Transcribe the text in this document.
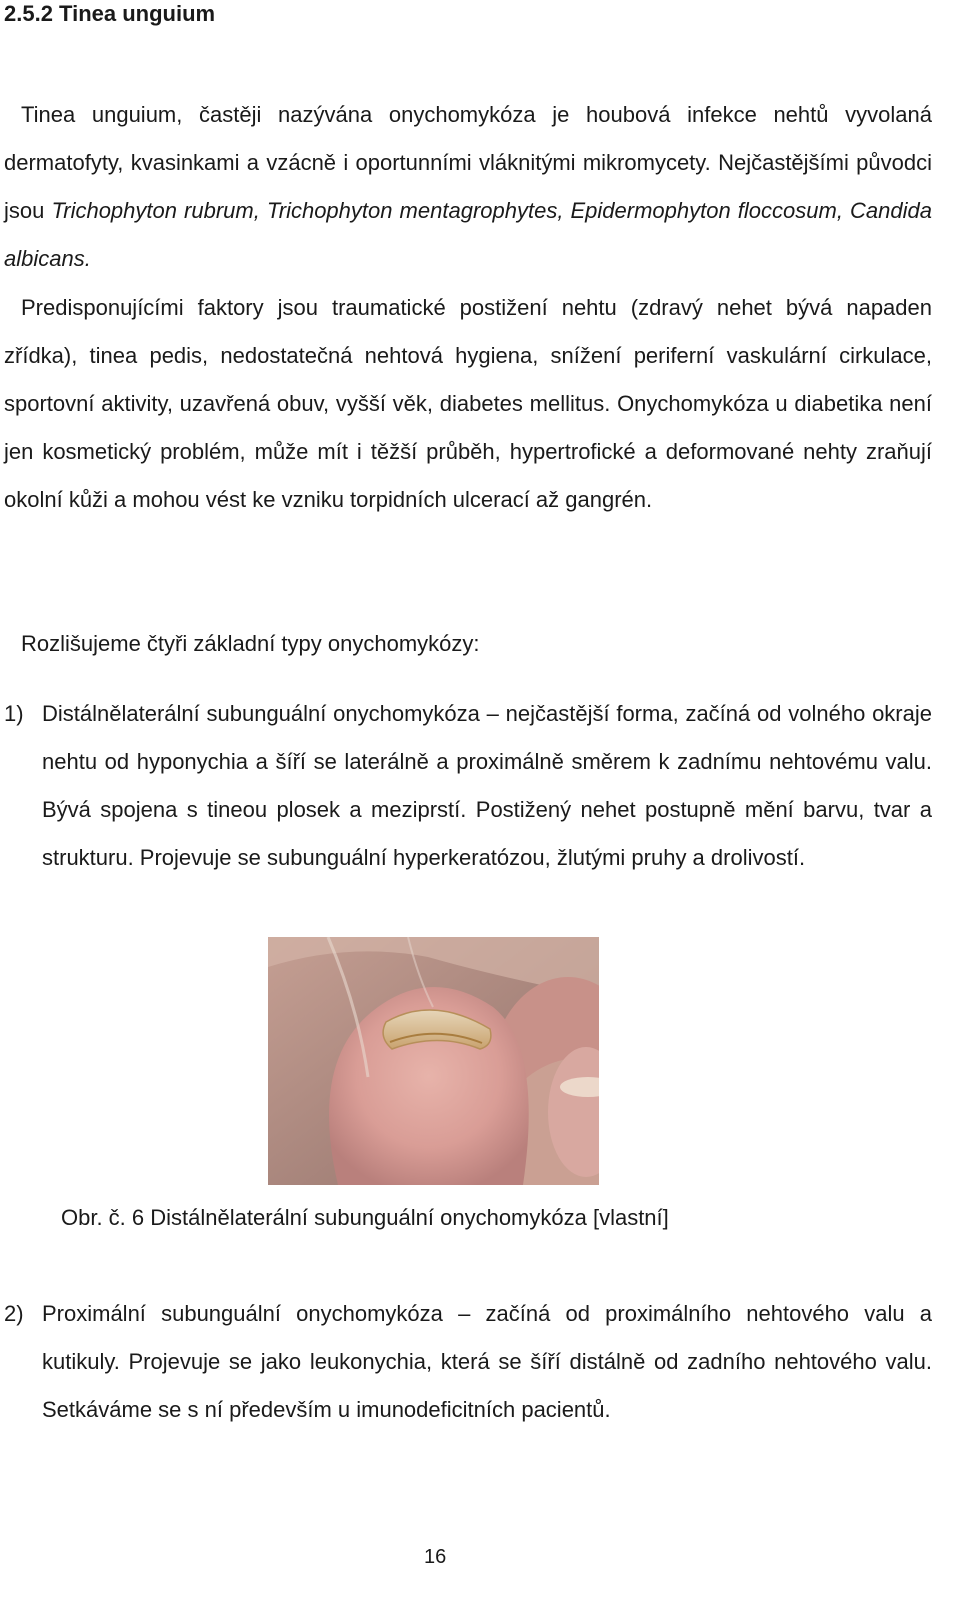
2.5.2 Tinea unguium

Tinea unguium, častěji nazývána onychomykóza je houbová infekce nehtů vyvolaná dermatofyty, kvasinkami a vzácně i oportunními vláknitými mikromycety. Nejčastějšími původci jsou Trichophyton rubrum, Trichophyton mentagrophytes, Epidermophyton floccosum, Candida albicans.

Predisponujícími faktory jsou traumatické postižení nehtu (zdravý nehet bývá napaden zřídka), tinea pedis, nedostatečná nehtová hygiena, snížení periferní vaskulární cirkulace, sportovní aktivity, uzavřená obuv, vyšší věk, diabetes mellitus. Onychomykóza u diabetika není jen kosmetický problém, může mít i těžší průběh, hypertrofické a deformované nehty zraňují okolní kůži a mohou vést ke vzniku torpidních ulcerací až gangrén.

Rozlišujeme čtyři základní typy onychomykózy:

1) Distálnělaterální subunguální onychomykóza – nejčastější forma, začíná od volného okraje nehtu od hyponychia a šíří se laterálně a proximálně směrem k zadnímu nehtovému valu. Bývá spojena s tineou plosek a meziprstí. Postižený nehet postupně mění barvu, tvar a strukturu. Projevuje se subunguální hyperkeratózou, žlutými pruhy a drolivostí.

Obr. č. 6 Distálnělaterální subunguální onychomykóza [vlastní]

2) Proximální subunguální onychomykóza – začíná od proximálního nehtového valu a kutikuly. Projevuje se jako leukonychia, která se šíří distálně od zadního nehtového valu. Setkáváme se s ní především u imunodeficitních pacientů.

16
